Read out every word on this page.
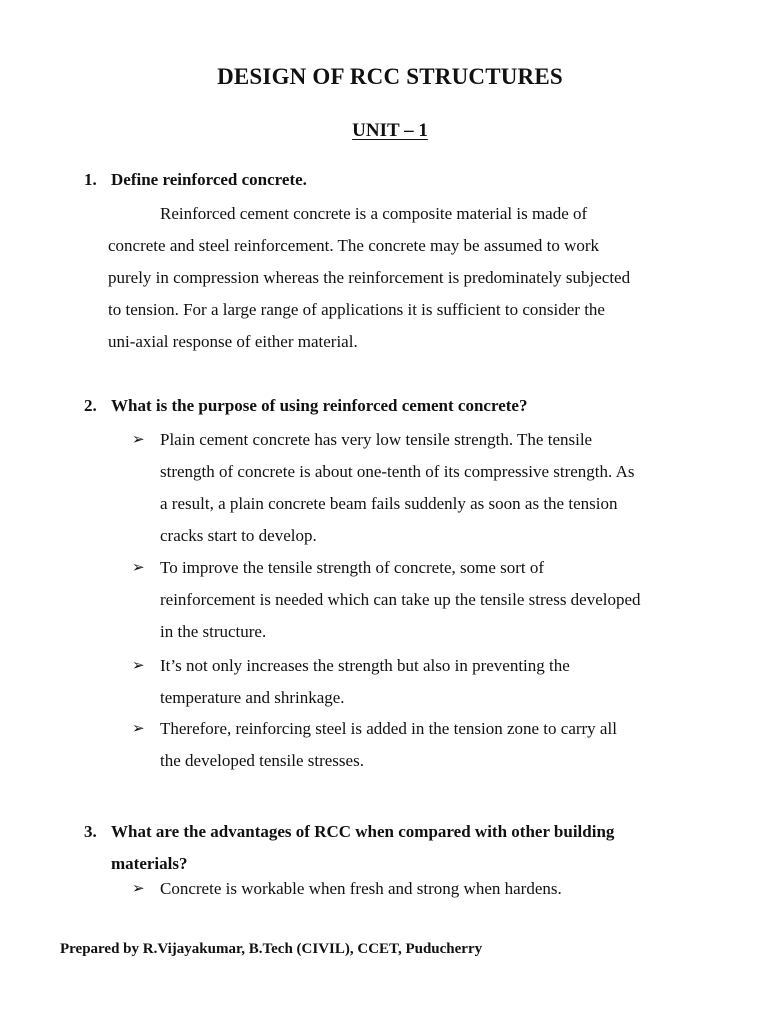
DESIGN OF RCC STRUCTURES
UNIT – 1
1. Define reinforced concrete.
Reinforced cement concrete is a composite material is made of
concrete and steel reinforcement. The concrete may be assumed to work
purely in compression whereas the reinforcement is predominately subjected
to tension. For a large range of applications it is sufficient to consider the
uni-axial response of either material.
2. What is the purpose of using reinforced cement concrete?
➢ Plain cement concrete has very low tensile strength. The tensile
strength of concrete is about one-tenth of its compressive strength. As
a result, a plain concrete beam fails suddenly as soon as the tension
cracks start to develop.
➢ To improve the tensile strength of concrete, some sort of
reinforcement is needed which can take up the tensile stress developed
in the structure.
➢ It’s not only increases the strength but also in preventing the
temperature and shrinkage.
➢ Therefore, reinforcing steel is added in the tension zone to carry all
the developed tensile stresses.
3. What are the advantages of RCC when compared with other building
materials?
➢ Concrete is workable when fresh and strong when hardens.
Prepared by R.Vijayakumar, B.Tech (CIVIL), CCET, Puducherry
